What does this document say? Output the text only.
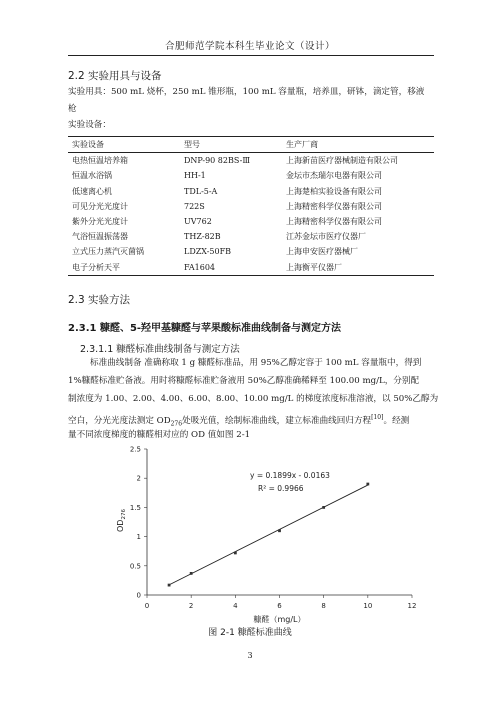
合肥师范学院本科生毕业论文（设计）
2.2 实验用具与设备
实验用具：500 mL 烧杯，250 mL 锥形瓶，100 mL 容量瓶，培养皿，研钵，滴定管，移液
枪
实验设备：
实验设备	型号	生产厂商
电热恒温培养箱	DNP-90 82BS-Ⅲ	上海新苗医疗器械制造有限公司
恒温水浴锅	HH-1	金坛市杰瑞尔电器有限公司
低速离心机	TDL-5-A	上海楚柏实验设备有限公司
可见分光光度计	722S	上海精密科学仪器有限公司
紫外分光光度计	UV762	上海精密科学仪器有限公司
气浴恒温振荡器	THZ-82B	江苏金坛市医疗仪器厂
立式压力蒸汽灭菌锅	LDZX-50FB	上海申安医疗器械厂
电子分析天平	FA1604	上海衡平仪器厂
2.3 实验方法
2.3.1 糠醛、5-羟甲基糠醛与苹果酸标准曲线制备与测定方法
2.3.1.1 糠醛标准曲线制备与测定方法
标准曲线制备 准确称取 1 g 糠醛标准品，用 95%乙醇定容于 100 mL 容量瓶中，得到
1%糠醛标准贮备液。用时将糠醛标准贮备液用 50%乙醇准确稀释至 100.00 mg/L，分别配
制浓度为 1.00、2.00、4.00、6.00、8.00、10.00 mg/L 的梯度浓度标准溶液，以 50%乙醇为
空白，分光光度法测定 $OD_{276}$处吸光值，绘制标准曲线，建立标准曲线回归方程[10]。经测
量不同浓度梯度的糠醛相对应的 OD 值如图 2-1
0	2	4	6	8	10	12
0
0.5
1
1.5
2
2.5
y = 0.1899x - 0.0163
R² = 0.9966
糠醛（mg/L）
$OD_{276}$
图 2-1 糠醛标准曲线
3
